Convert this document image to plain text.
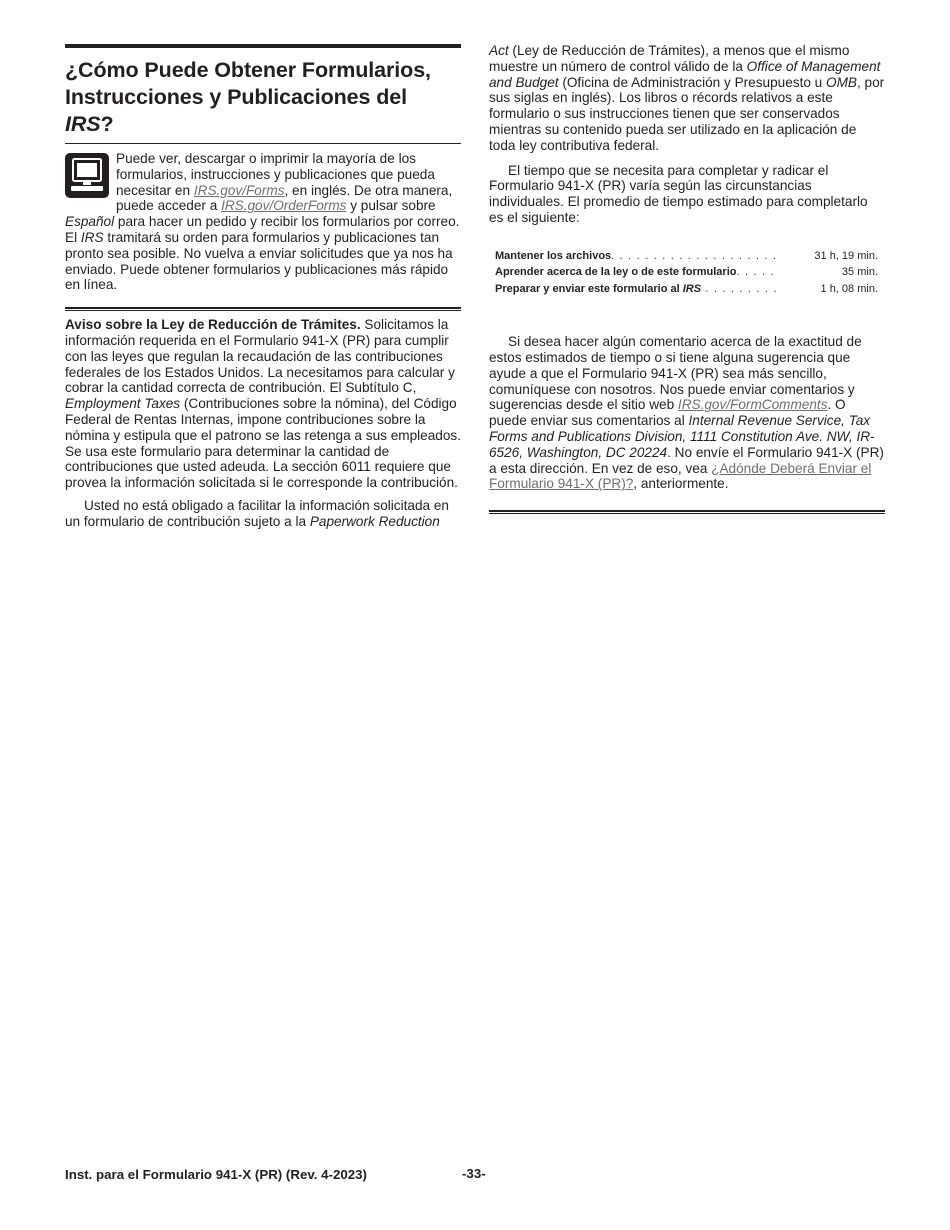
¿Cómo Puede Obtener Formularios, Instrucciones y Publicaciones del IRS?

Puede ver, descargar o imprimir la mayoría de los formularios, instrucciones y publicaciones que pueda necesitar en IRS.gov/Forms, en inglés. De otra manera, puede acceder a IRS.gov/OrderForms y pulsar sobre Español para hacer un pedido y recibir los formularios por correo. El IRS tramitará su orden para formularios y publicaciones tan pronto sea posible. No vuelva a enviar solicitudes que ya nos ha enviado. Puede obtener formularios y publicaciones más rápido en línea.

Aviso sobre la Ley de Reducción de Trámites. Solicitamos la información requerida en el Formulario 941-X (PR) para cumplir con las leyes que regulan la recaudación de las contribuciones federales de los Estados Unidos. La necesitamos para calcular y cobrar la cantidad correcta de contribución. El Subtítulo C, Employment Taxes (Contribuciones sobre la nómina), del Código Federal de Rentas Internas, impone contribuciones sobre la nómina y estipula que el patrono se las retenga a sus empleados. Se usa este formulario para determinar la cantidad de contribuciones que usted adeuda. La sección 6011 requiere que provea la información solicitada si le corresponde la contribución.

Usted no está obligado a facilitar la información solicitada en un formulario de contribución sujeto a la Paperwork Reduction

Act (Ley de Reducción de Trámites), a menos que el mismo muestre un número de control válido de la Office of Management and Budget (Oficina de Administración y Presupuesto u OMB, por sus siglas en inglés). Los libros o récords relativos a este formulario o sus instrucciones tienen que ser conservados mientras su contenido pueda ser utilizado en la aplicación de toda ley contributiva federal.

El tiempo que se necesita para completar y radicar el Formulario 941-X (PR) varía según las circunstancias individuales. El promedio de tiempo estimado para completarlo es el siguiente:

Mantener los archivos. . . . . . . . . . . . . . . . . . . .	31 h, 19 min.
Aprender acerca de la ley o de este formulario. . . . .	35 min.
Preparar y enviar este formulario al IRS . . . . . . . . .	1 h, 08 min.

Si desea hacer algún comentario acerca de la exactitud de estos estimados de tiempo o si tiene alguna sugerencia que ayude a que el Formulario 941-X (PR) sea más sencillo, comuníquese con nosotros. Nos puede enviar comentarios y sugerencias desde el sitio web IRS.gov/FormComments. O puede enviar sus comentarios al Internal Revenue Service, Tax Forms and Publications Division, 1111 Constitution Ave. NW, IR-6526, Washington, DC 20224. No envíe el Formulario 941-X (PR) a esta dirección. En vez de eso, vea ¿Adónde Deberá Enviar el Formulario 941-X (PR)?, anteriormente.

Inst. para el Formulario 941-X (PR) (Rev. 4-2023)	-33-
